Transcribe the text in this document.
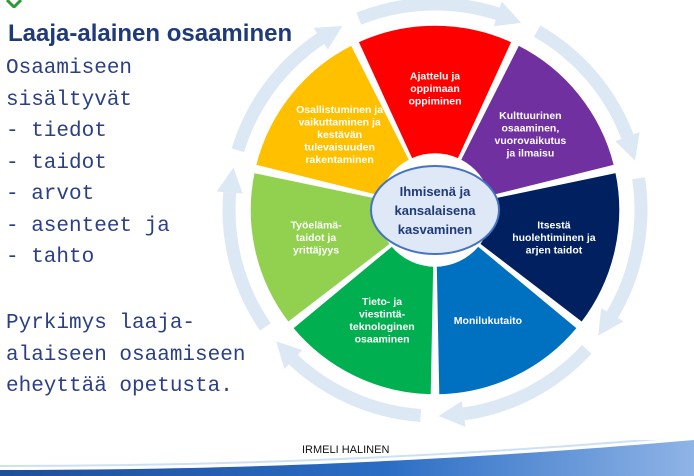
Laaja-alainen osaaminen
Osaamiseen
sisältyvät
- tiedot
- taidot
- arvot
- asenteet ja
- tahto
Pyrkimys laaja-
alaiseen osaamiseen
eheyttää opetusta.
Ajattelu ja oppimaan oppiminen
Kulttuurinen osaaminen, vuorovaikutus ja ilmaisu
Itsestä huolehtiminen ja arjen taidot
Monilukutaito
Tieto- ja viestintä-teknologinen osaaminen
Työelämä-taidot ja yrittäjyys
Osallistuminen ja vaikuttaminen ja kestävän tulevaisuuden rakentaminen
Ihmisenä ja kansalaisena kasvaminen
IRMELI HALINEN
